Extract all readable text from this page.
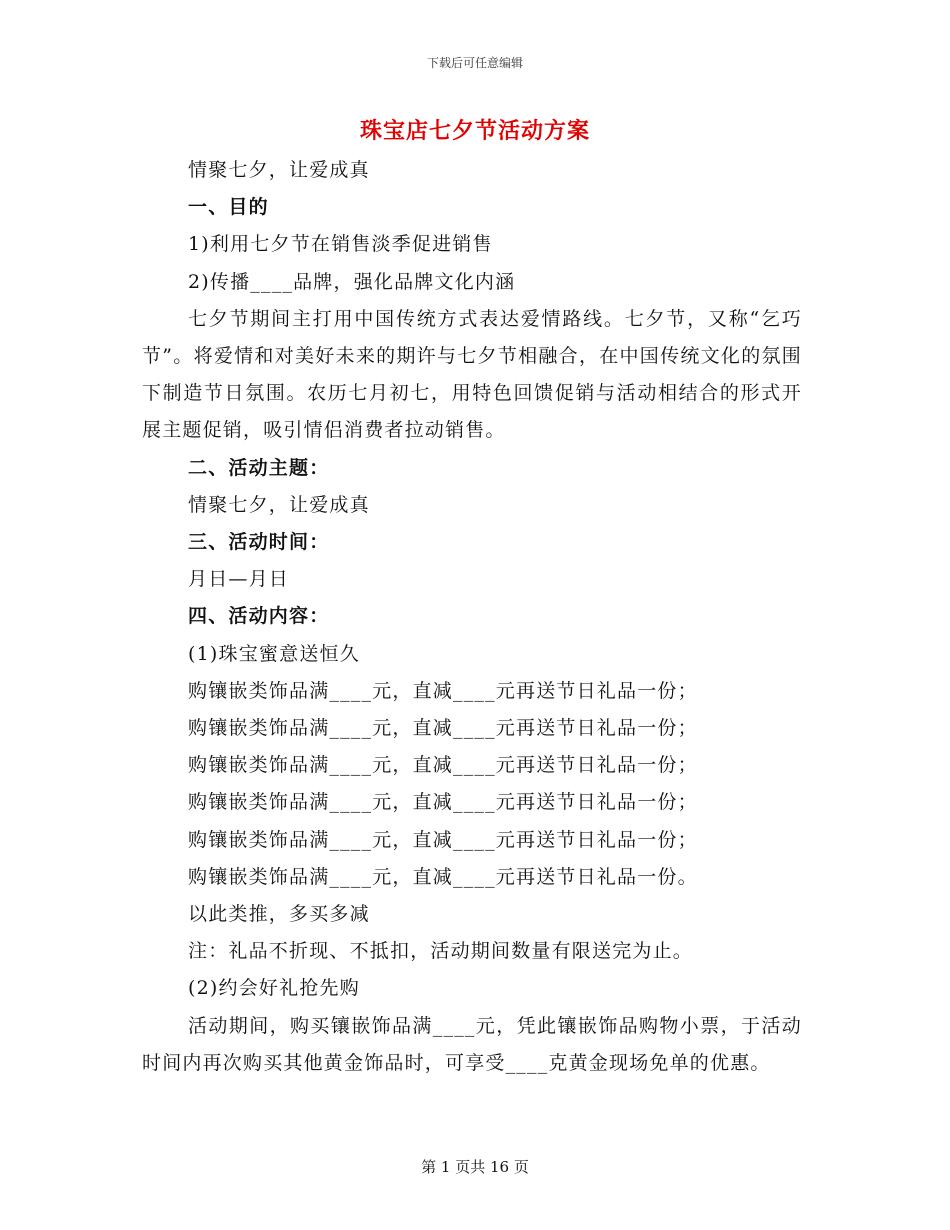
下载后可任意编辑
珠宝店七夕节活动方案

情聚七夕，让爱成真

一、目的

1)利用七夕节在销售淡季促进销售

2)传播____品牌，强化品牌文化内涵

七夕节期间主打用中国传统方式表达爱情路线。七夕节，又称“乞巧节”。将爱情和对美好未来的期许与七夕节相融合，在中国传统文化的氛围下制造节日氛围。农历七月初七，用特色回馈促销与活动相结合的形式开展主题促销，吸引情侣消费者拉动销售。

二、活动主题：

情聚七夕，让爱成真

三、活动时间：

月日—月日

四、活动内容：

(1)珠宝蜜意送恒久

购镶嵌类饰品满____元，直减____元再送节日礼品一份；

购镶嵌类饰品满____元，直减____元再送节日礼品一份；

购镶嵌类饰品满____元，直减____元再送节日礼品一份；

购镶嵌类饰品满____元，直减____元再送节日礼品一份；

购镶嵌类饰品满____元，直减____元再送节日礼品一份；

购镶嵌类饰品满____元，直减____元再送节日礼品一份。

以此类推，多买多减

注：礼品不折现、不抵扣，活动期间数量有限送完为止。

(2)约会好礼抢先购

活动期间，购买镶嵌饰品满____元，凭此镶嵌饰品购物小票，于活动时间内再次购买其他黄金饰品时，可享受____克黄金现场免单的优惠。

第 1 页共 16 页
